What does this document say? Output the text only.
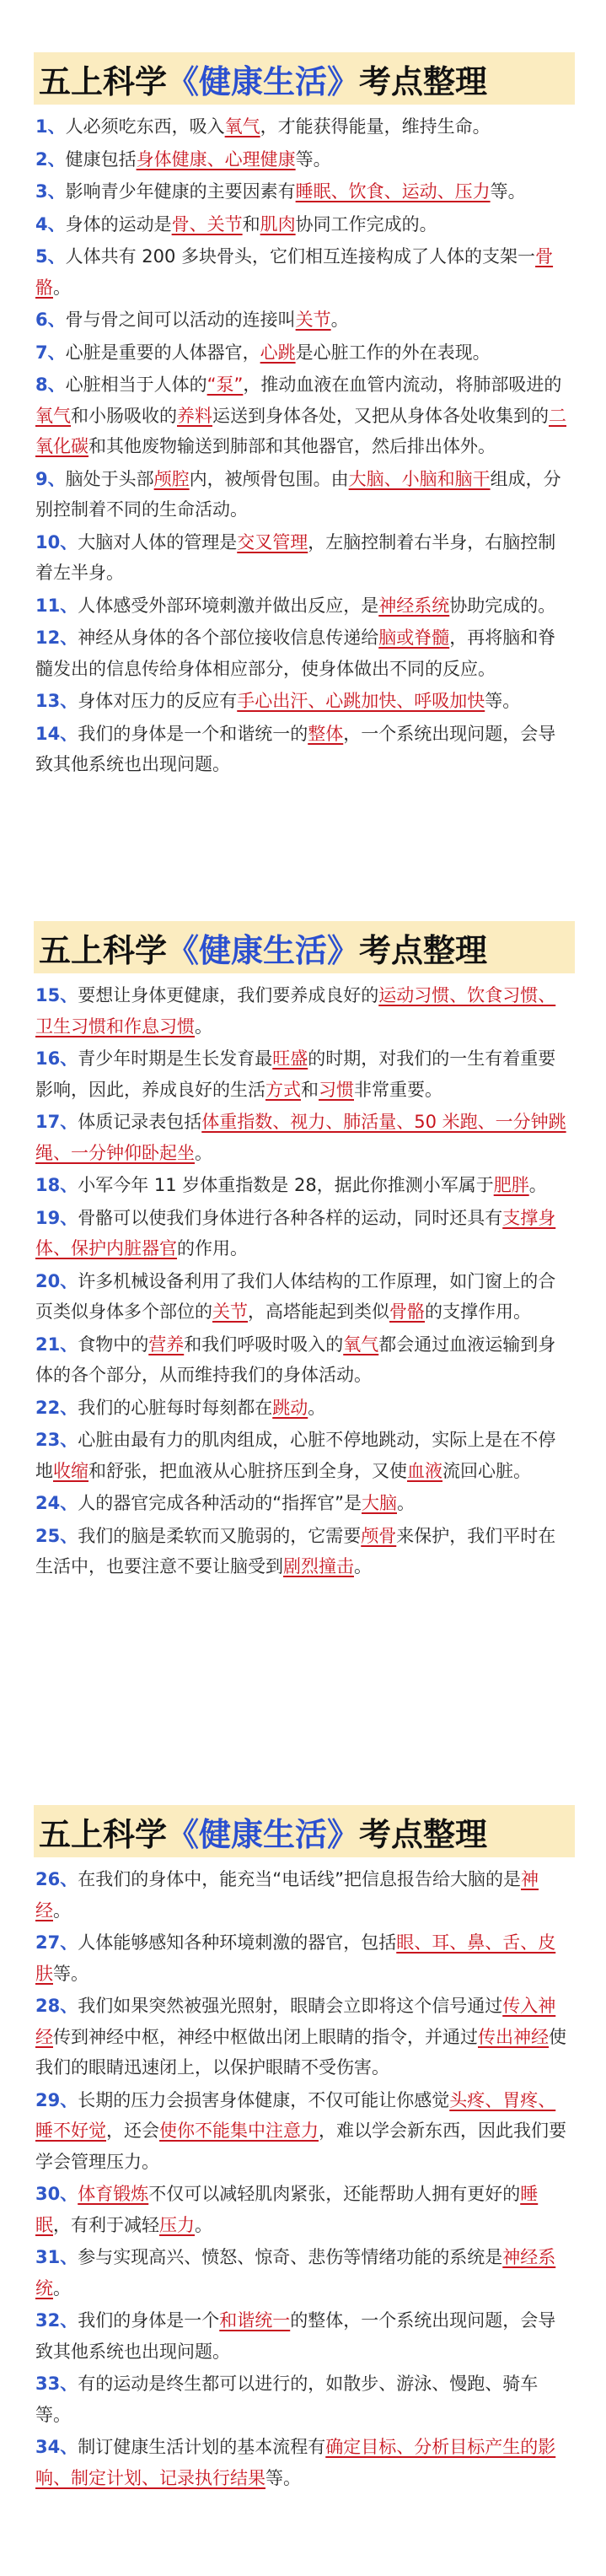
五上科学 《健康生活》 考点整理

1、人必须吃东西，吸入氧气，才能获得能量，维持生命。

2、健康包括身体健康、心理健康等。

3、影响青少年健康的主要因素有睡眠、饮食、运动、压力等。

4、身体的运动是骨、关节和肌肉协同工作完成的。

5、人体共有 200 多块骨头，它们相互连接构成了人体的支架一骨骼。

6、骨与骨之间可以活动的连接叫关节。

7、心脏是重要的人体器官，心跳是心脏工作的外在表现。

8、心脏相当于人体的“泵”，推动血液在血管内流动，将肺部吸进的氧气和小肠吸收的养料运送到身体各处，又把从身体各处收集到的二氧化碳和其他废物输送到肺部和其他器官，然后排出体外。

9、脑处于头部颅腔内，被颅骨包围。由大脑、小脑和脑干组成，分别控制着不同的生命活动。

10、大脑对人体的管理是交叉管理，左脑控制着右半身，右脑控制着左半身。

11、人体感受外部环境刺激并做出反应，是神经系统协助完成的。

12、神经从身体的各个部位接收信息传递给脑或脊髓，再将脑和脊髓发出的信息传给身体相应部分，使身体做出不同的反应。

13、身体对压力的反应有手心出汗、心跳加快、呼吸加快等。

14、我们的身体是一个和谐统一的整体，一个系统出现问题，会导致其他系统也出现问题。

五上科学 《健康生活》 考点整理

15、要想让身体更健康，我们要养成良好的运动习惯、饮食习惯、卫生习惯和作息习惯。

16、青少年时期是生长发育最旺盛的时期，对我们的一生有着重要影响，因此，养成良好的生活方式和习惯非常重要。

17、体质记录表包括体重指数、视力、肺活量、50 米跑、一分钟跳绳、一分钟仰卧起坐。

18、小军今年 11 岁体重指数是 28，据此你推测小军属于肥胖。

19、骨骼可以使我们身体进行各种各样的运动，同时还具有支撑身体、保护内脏器官的作用。

20、许多机械设备利用了我们人体结构的工作原理，如门窗上的合页类似身体多个部位的关节，高塔能起到类似骨骼的支撑作用。

21、食物中的营养和我们呼吸时吸入的氧气都会通过血液运输到身体的各个部分，从而维持我们的身体活动。

22、我们的心脏每时每刻都在跳动。

23、心脏由最有力的肌肉组成，心脏不停地跳动，实际上是在不停地收缩和舒张，把血液从心脏挤压到全身，又使血液流回心脏。

24、人的器官完成各种活动的“指挥官”是大脑。

25、我们的脑是柔软而又脆弱的，它需要颅骨来保护，我们平时在生活中，也要注意不要让脑受到剧烈撞击。

五上科学 《健康生活》 考点整理

26、在我们的身体中，能充当“电话线”把信息报告给大脑的是神经。

27、人体能够感知各种环境刺激的器官，包括眼、耳、鼻、舌、皮肤等。

28、我们如果突然被强光照射，眼睛会立即将这个信号通过传入神经传到神经中枢，神经中枢做出闭上眼睛的指令，并通过传出神经使我们的眼睛迅速闭上，以保护眼睛不受伤害。

29、长期的压力会损害身体健康，不仅可能让你感觉头疼、胃疼、睡不好觉，还会使你不能集中注意力，难以学会新东西，因此我们要学会管理压力。

30、体育锻炼不仅可以减轻肌肉紧张，还能帮助人拥有更好的睡眠，有利于减轻压力。

31、参与实现高兴、愤怒、惊奇、悲伤等情绪功能的系统是神经系统。

32、我们的身体是一个和谐统一的整体，一个系统出现问题，会导致其他系统也出现问题。

33、有的运动是终生都可以进行的，如散步、游泳、慢跑、骑车等。

34、制订健康生活计划的基本流程有确定目标、分析目标产生的影响、制定计划、记录执行结果等。
